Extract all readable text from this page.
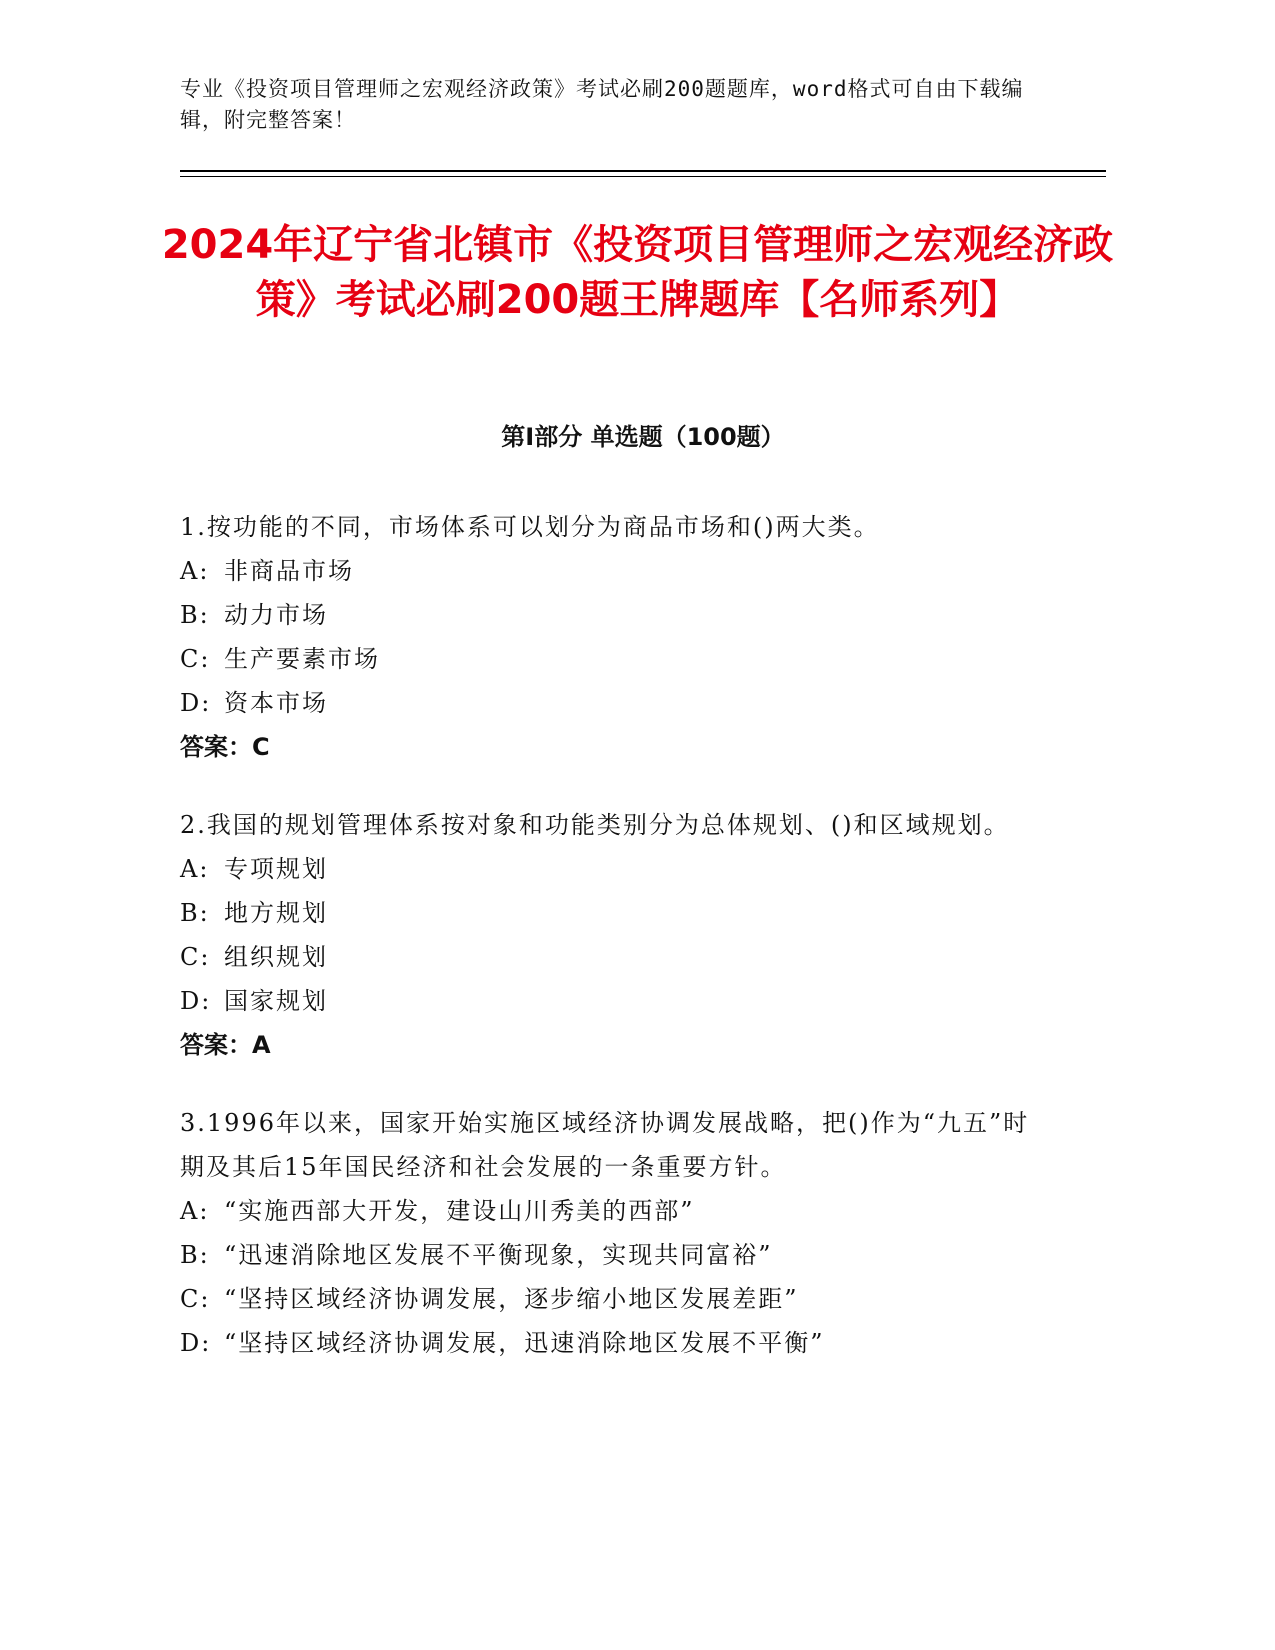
专业《投资项目管理师之宏观经济政策》考试必刷200题题库，word格式可自由下载编辑，附完整答案！
2024年辽宁省北镇市《投资项目管理师之宏观经济政策》考试必刷200题王牌题库【名师系列】
第I部分 单选题（100题）
1.按功能的不同，市场体系可以划分为商品市场和()两大类。
A: 非商品市场
B: 动力市场
C: 生产要素市场
D: 资本市场
答案：C
2.我国的规划管理体系按对象和功能类别分为总体规划、()和区域规划。
A: 专项规划
B: 地方规划
C: 组织规划
D: 国家规划
答案：A
3.1996年以来，国家开始实施区域经济协调发展战略，把()作为“九五”时期及其后15年国民经济和社会发展的一条重要方针。
A: “实施西部大开发，建设山川秀美的西部”
B: “迅速消除地区发展不平衡现象，实现共同富裕”
C: “坚持区域经济协调发展，逐步缩小地区发展差距”
D: “坚持区域经济协调发展，迅速消除地区发展不平衡”
